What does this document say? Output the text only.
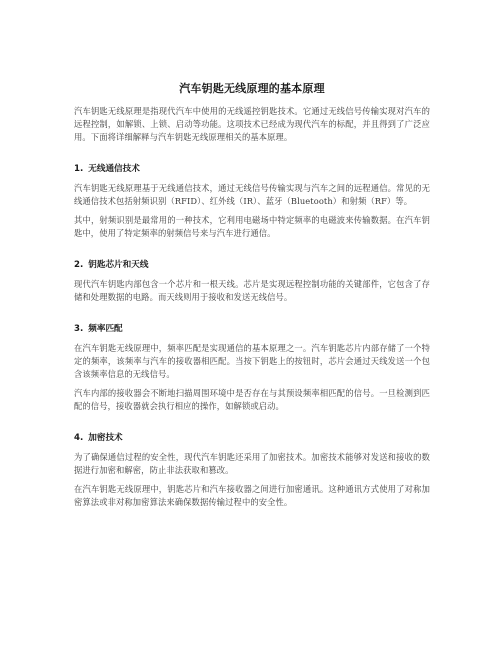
汽车钥匙无线原理的基本原理

汽车钥匙无线原理是指现代汽车中使用的无线遥控钥匙技术。它通过无线信号传输实现对汽车的远程控制，如解锁、上锁、启动等功能。这项技术已经成为现代汽车的标配，并且得到了广泛应用。下面将详细解释与汽车钥匙无线原理相关的基本原理。

1. 无线通信技术

汽车钥匙无线原理基于无线通信技术，通过无线信号传输实现与汽车之间的远程通信。常见的无线通信技术包括射频识别（RFID）、红外线（IR）、蓝牙（Bluetooth）和射频（RF）等。

其中，射频识别是最常用的一种技术，它利用电磁场中特定频率的电磁波来传输数据。在汽车钥匙中，使用了特定频率的射频信号来与汽车进行通信。

2. 钥匙芯片和天线

现代汽车钥匙内部包含一个芯片和一根天线。芯片是实现远程控制功能的关键部件，它包含了存储和处理数据的电路。而天线则用于接收和发送无线信号。

3. 频率匹配

在汽车钥匙无线原理中，频率匹配是实现通信的基本原理之一。汽车钥匙芯片内部存储了一个特定的频率，该频率与汽车的接收器相匹配。当按下钥匙上的按钮时，芯片会通过天线发送一个包含该频率信息的无线信号。

汽车内部的接收器会不断地扫描周围环境中是否存在与其预设频率相匹配的信号。一旦检测到匹配的信号，接收器就会执行相应的操作，如解锁或启动。

4. 加密技术

为了确保通信过程的安全性，现代汽车钥匙还采用了加密技术。加密技术能够对发送和接收的数据进行加密和解密，防止非法获取和篡改。

在汽车钥匙无线原理中，钥匙芯片和汽车接收器之间进行加密通讯。这种通讯方式使用了对称加密算法或非对称加密算法来确保数据传输过程中的安全性。
